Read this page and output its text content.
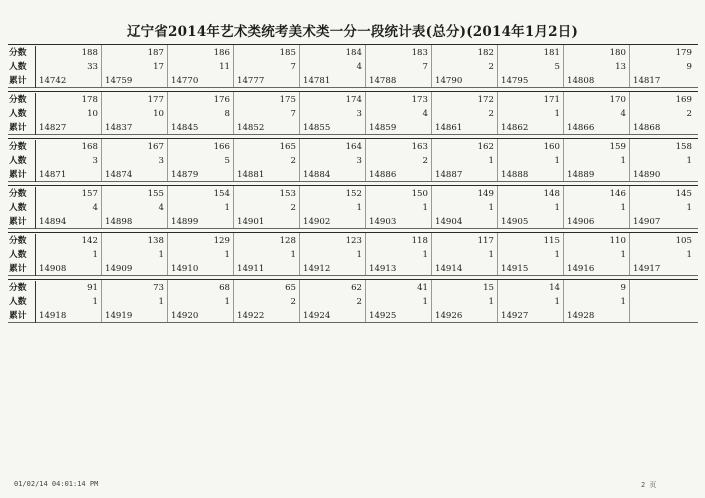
辽宁省2014年艺术类统考美术类一分一段统计表(总分)(2014年1月2日)
分数	188	187	186	185	184	183	182	181	180	179
人数	33	17	11	7	4	7	2	5	13	9
累计	14742	14759	14770	14777	14781	14788	14790	14795	14808	14817
分数	178	177	176	175	174	173	172	171	170	169
人数	10	10	8	7	3	4	2	1	4	2
累计	14827	14837	14845	14852	14855	14859	14861	14862	14866	14868
分数	168	167	166	165	164	163	162	160	159	158
人数	3	3	5	2	3	2	1	1	1	1
累计	14871	14874	14879	14881	14884	14886	14887	14888	14889	14890
分数	157	155	154	153	152	150	149	148	146	145
人数	4	4	1	2	1	1	1	1	1	1
累计	14894	14898	14899	14901	14902	14903	14904	14905	14906	14907
分数	142	138	129	128	123	118	117	115	110	105
人数	1	1	1	1	1	1	1	1	1	1
累计	14908	14909	14910	14911	14912	14913	14914	14915	14916	14917
分数	91	73	68	65	62	41	15	14	9
人数	1	1	1	2	2	1	1	1	1
累计	14918	14919	14920	14922	14924	14925	14926	14927	14928
01/02/14 04:01:14 PM	2 页
